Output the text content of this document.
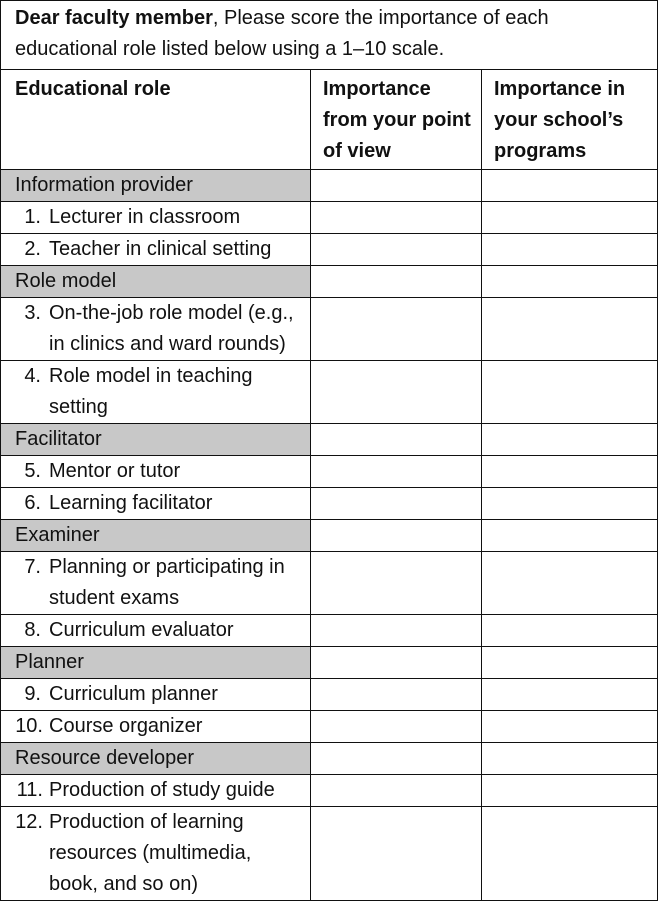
Dear faculty member, Please score the importance of each educational role listed below using a 1–10 scale.		
Educational role	Importance from your point of view	Importance in your school’s programs
Information provider		

1. Lecturer in classroom		

2. Teacher in clinical setting		

Role model		

3. On-the-job role model (e.g., in clinics and ward rounds)		

4. Role model in teaching setting		

Facilitator		

5. Mentor or tutor		

6. Learning facilitator		

Examiner		

7. Planning or participating in student exams		

8. Curriculum evaluator		

Planner		

9. Curriculum planner		

10. Course organizer		

Resource developer		

11. Production of study guide		

12. Production of learning resources (multimedia, book, and so on)		
